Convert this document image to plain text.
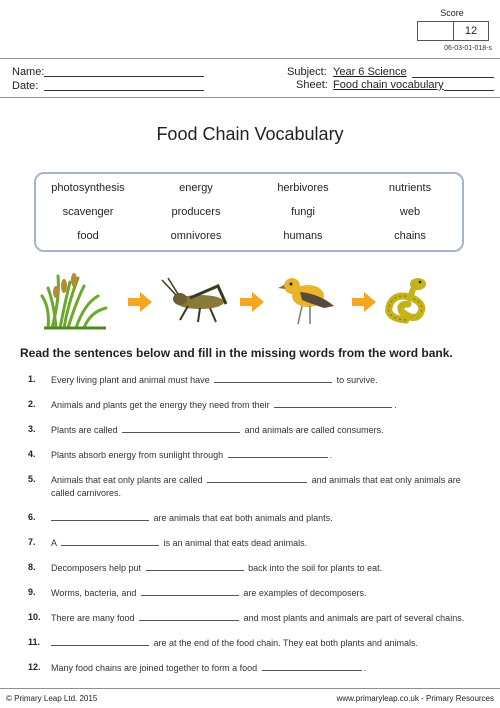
Score
12
06-03-01-018-s
Name:
Date:
Subject: Year 6 Science
Sheet: Food chain vocabulary
Food Chain Vocabulary
photosynthesis	energy	herbivores	nutrients
scavenger	producers	fungi	web
food	omnivores	humans	chains
Read the sentences below and fill in the missing words from the word bank.
1.	Every living plant and animal must have	to survive.
2.	Animals and plants get the energy they need from their	.
3.	Plants are called	and animals are called consumers.
4.	Plants absorb energy from sunlight through	.
5.	Animals that eat only plants are called	and animals that eat only animals are called carnivores.
6.	are animals that eat both animals and plants.
7.	A	is an animal that eats dead animals.
8.	Decomposers help put	back into the soil for plants to eat.
9.	Worms, bacteria, and	are examples of decomposers.
10.	There are many food	and most plants and animals are part of several chains.
11.	are at the end of the food chain. They eat both plants and animals.
12.	Many food chains are joined together to form a food	.
© Primary Leap Ltd. 2015	www.primaryleap.co.uk - Primary Resources
